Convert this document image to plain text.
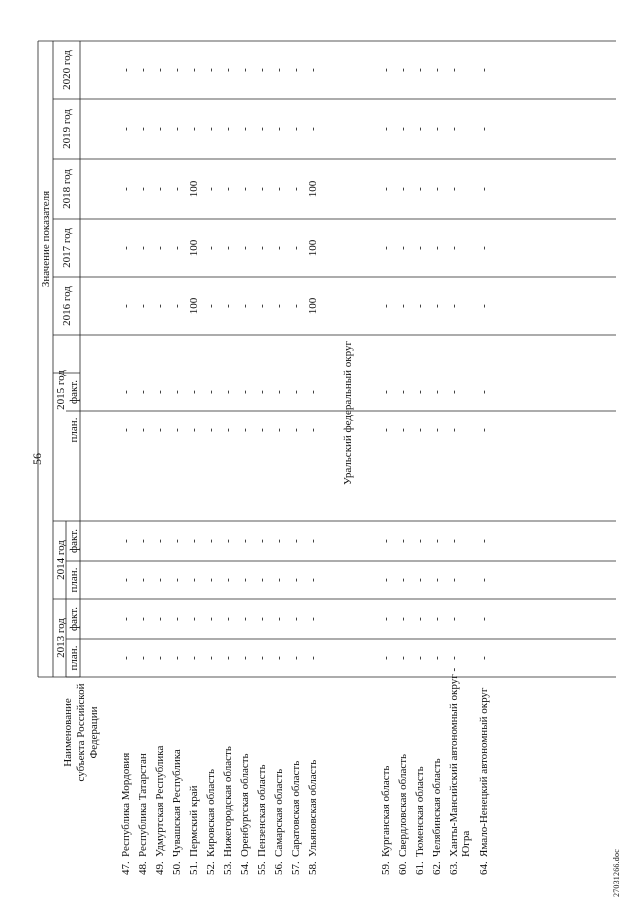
56
Наименование субъекта Российской Федерации
Значение показателя
2013 год
2014 год
2015 год
2016 год
2017 год
2018 год
2019 год
2020 год
план.
факт.
план.
факт.
план.
факт.
47.
Республика Мордовия
-
-
-
-
-
-
-
-
-
-
-
48.
Республика Татарстан
-
-
-
-
-
-
-
-
-
-
-
49.
Удмуртская Республика
-
-
-
-
-
-
-
-
-
-
-
50.
Чувашская Республика
-
-
-
-
-
-
-
-
-
-
-
51.
Пермский край
-
-
-
-
-
-
100
100
100
-
-
52.
Кировская область
-
-
-
-
-
-
-
-
-
-
-
53.
Нижегородская область
-
-
-
-
-
-
-
-
-
-
-
54.
Оренбургская область
-
-
-
-
-
-
-
-
-
-
-
55.
Пензенская область
-
-
-
-
-
-
-
-
-
-
-
56.
Самарская область
-
-
-
-
-
-
-
-
-
-
-
57.
Саратовская область
-
-
-
-
-
-
-
-
-
-
-
58.
Ульяновская область
-
-
-
-
-
-
100
100
100
-
-
Уральский федеральный округ
59.
Курганская область
-
-
-
-
-
-
-
-
-
-
-
60.
Свердловская область
-
-
-
-
-
-
-
-
-
-
-
61.
Тюменская область
-
-
-
-
-
-
-
-
-
-
-
62.
Челябинская область
-
-
-
-
-
-
-
-
-
-
-
63.
Ханты-Мансийский автономный округ - Югра
-
-
-
-
-
-
-
-
-
-
-
64.
Ямало-Ненецкий автономный округ
-
-
-
-
-
-
-
-
-
-
-
27031266.doc
